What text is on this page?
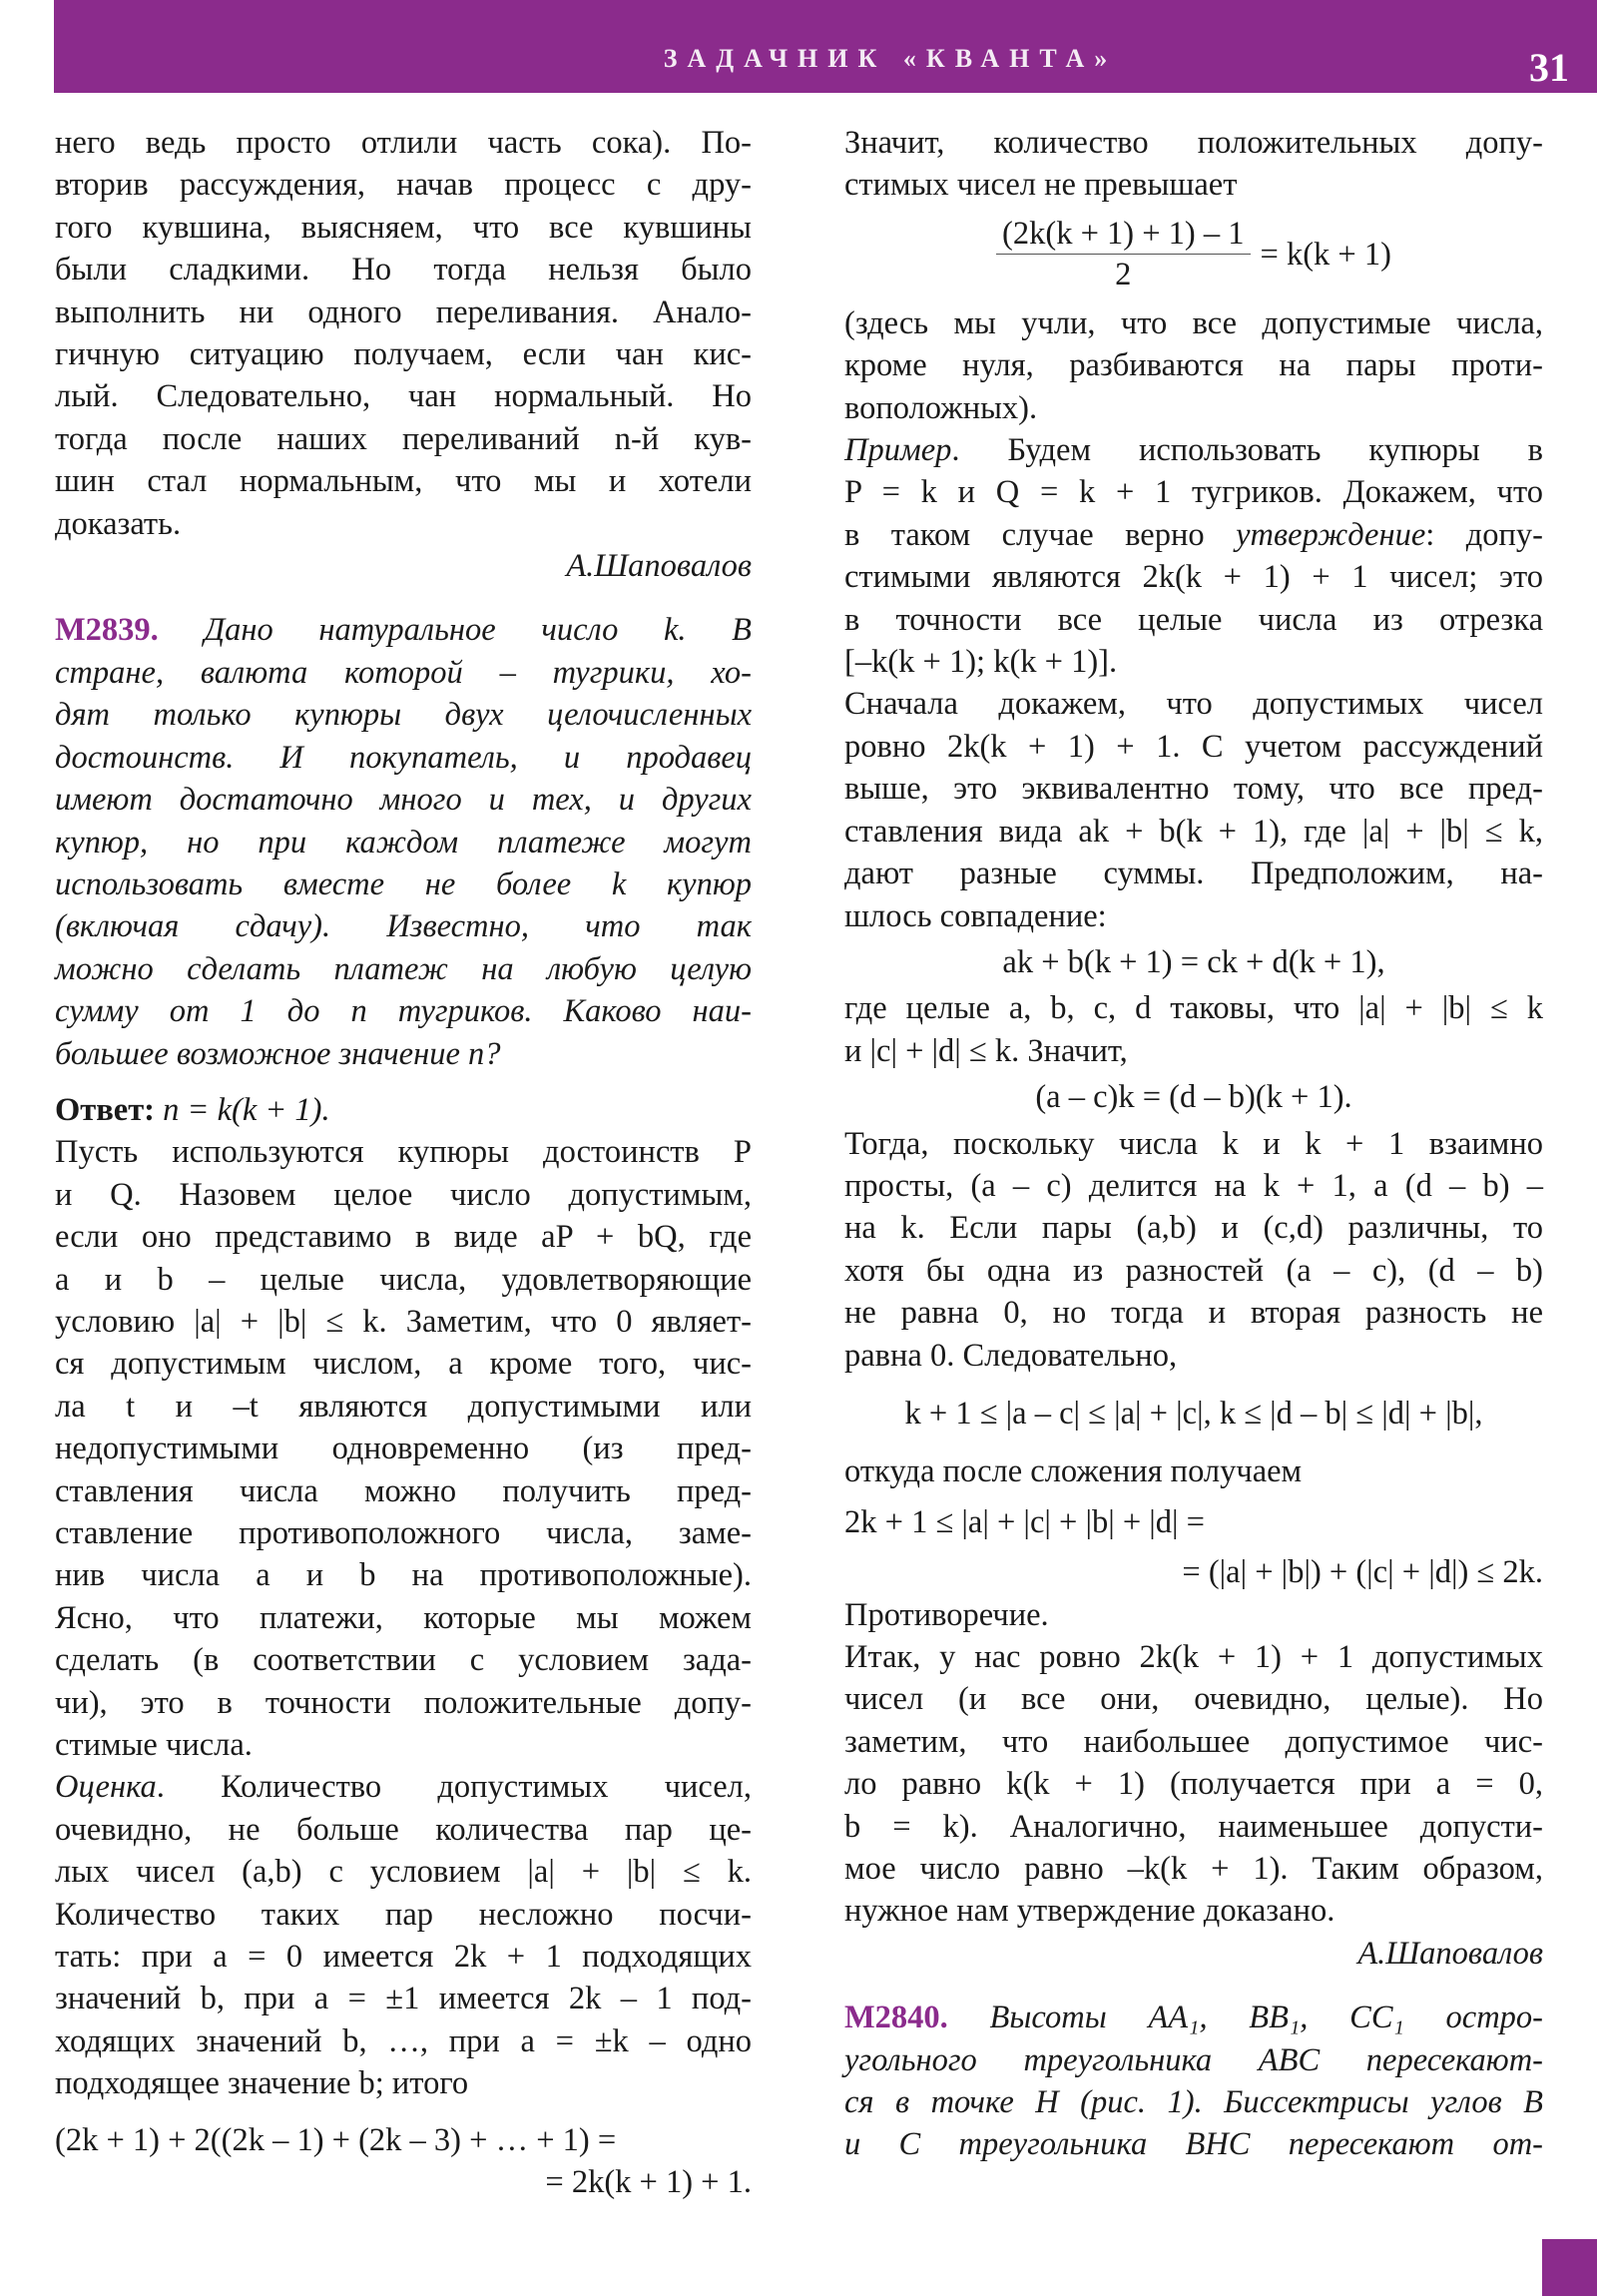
ЗАДАЧНИК «КВАНТА»	31
него ведь просто отлили часть сока). По-
вторив рассуждения, начав процесс с дру-
гого кувшина, выясняем, что все кувшины
были сладкими. Но тогда нельзя было
выполнить ни одного переливания. Анало-
гичную ситуацию получаем, если чан кис-
лый. Следовательно, чан нормальный. Но
тогда после наших переливаний n-й кув-
шин стал нормальным, что мы и хотели
доказать.
А.Шаповалов
М2839. Дано натуральное число k. В
стране, валюта которой – тугрики, хо-
дят только купюры двух целочисленных
достоинств. И покупатель, и продавец
имеют достаточно много и тех, и других
купюр, но при каждом платеже могут
использовать вместе не более k купюр
(включая сдачу). Известно, что так
можно сделать платеж на любую целую
сумму от 1 до n тугриков. Каково наи-
большее возможное значение n?
Ответ: n = k(k + 1).
Пусть используются купюры достоинств P
и Q. Назовем целое число допустимым,
если оно представимо в виде aP + bQ, где
a и b – целые числа, удовлетворяющие
условию |a| + |b| ≤ k. Заметим, что 0 являет-
ся допустимым числом, а кроме того, чис-
ла t и –t являются допустимыми или
недопустимыми одновременно (из пред-
ставления числа можно получить пред-
ставление противоположного числа, заме-
нив числа a и b на противоположные).
Ясно, что платежи, которые мы можем
сделать (в соответствии с условием зада-
чи), это в точности положительные допу-
стимые числа.
Оценка. Количество допустимых чисел,
очевидно, не больше количества пар це-
лых чисел (a,b) с условием |a| + |b| ≤ k.
Количество таких пар несложно посчи-
тать: при a = 0 имеется 2k + 1 подходящих
значений b, при a = ±1 имеется 2k – 1 под-
ходящих значений b, …, при a = ±k – одно
подходящее значение b; итого
(2k + 1) + 2((2k – 1) + (2k – 3) + … + 1) =
= 2k(k + 1) + 1.
Значит, количество положительных допу-
стимых чисел не превышает
$\frac{(2k(k + 1) + 1) - 1}{2} = k(k + 1)$
(здесь мы учли, что все допустимые числа,
кроме нуля, разбиваются на пары проти-
воположных).
Пример. Будем использовать купюры в
P = k и Q = k + 1 тугриков. Докажем, что
в таком случае верно утверждение: допу-
стимыми являются 2k(k + 1) + 1 чисел; это
в точности все целые числа из отрезка
[–k(k + 1); k(k + 1)].
Сначала докажем, что допустимых чисел
ровно 2k(k + 1) + 1. С учетом рассуждений
выше, это эквивалентно тому, что все пред-
ставления вида ak + b(k + 1), где |a| + |b| ≤ k,
дают разные суммы. Предположим, на-
шлось совпадение:
ak + b(k + 1) = ck + d(k + 1),
где целые a, b, c, d таковы, что |a| + |b| ≤ k
и |c| + |d| ≤ k. Значит,
(a – c)k = (d – b)(k + 1).
Тогда, поскольку числа k и k + 1 взаимно
просты, (a – c) делится на k + 1, а (d – b) –
на k. Если пары (a,b) и (c,d) различны, то
хотя бы одна из разностей (a – c), (d – b)
не равна 0, но тогда и вторая разность не
равна 0. Следовательно,
k + 1 ≤ |a – c| ≤ |a| + |c|, k ≤ |d – b| ≤ |d| + |b|,
откуда после сложения получаем
2k + 1 ≤ |a| + |c| + |b| + |d| =
= (|a| + |b|) + (|c| + |d|) ≤ 2k.
Противоречие.
Итак, у нас ровно 2k(k + 1) + 1 допустимых
чисел (и все они, очевидно, целые). Но
заметим, что наибольшее допустимое чис-
ло равно k(k + 1) (получается при a = 0,
b = k). Аналогично, наименьшее допусти-
мое число равно –k(k + 1). Таким образом,
нужное нам утверждение доказано.
А.Шаповалов
М2840. Высоты AA₁, BB₁, CC₁ остро-
угольного треугольника ABC пересекают-
ся в точке H (рис. 1). Биссектрисы углов B
и C треугольника BHC пересекают от-
